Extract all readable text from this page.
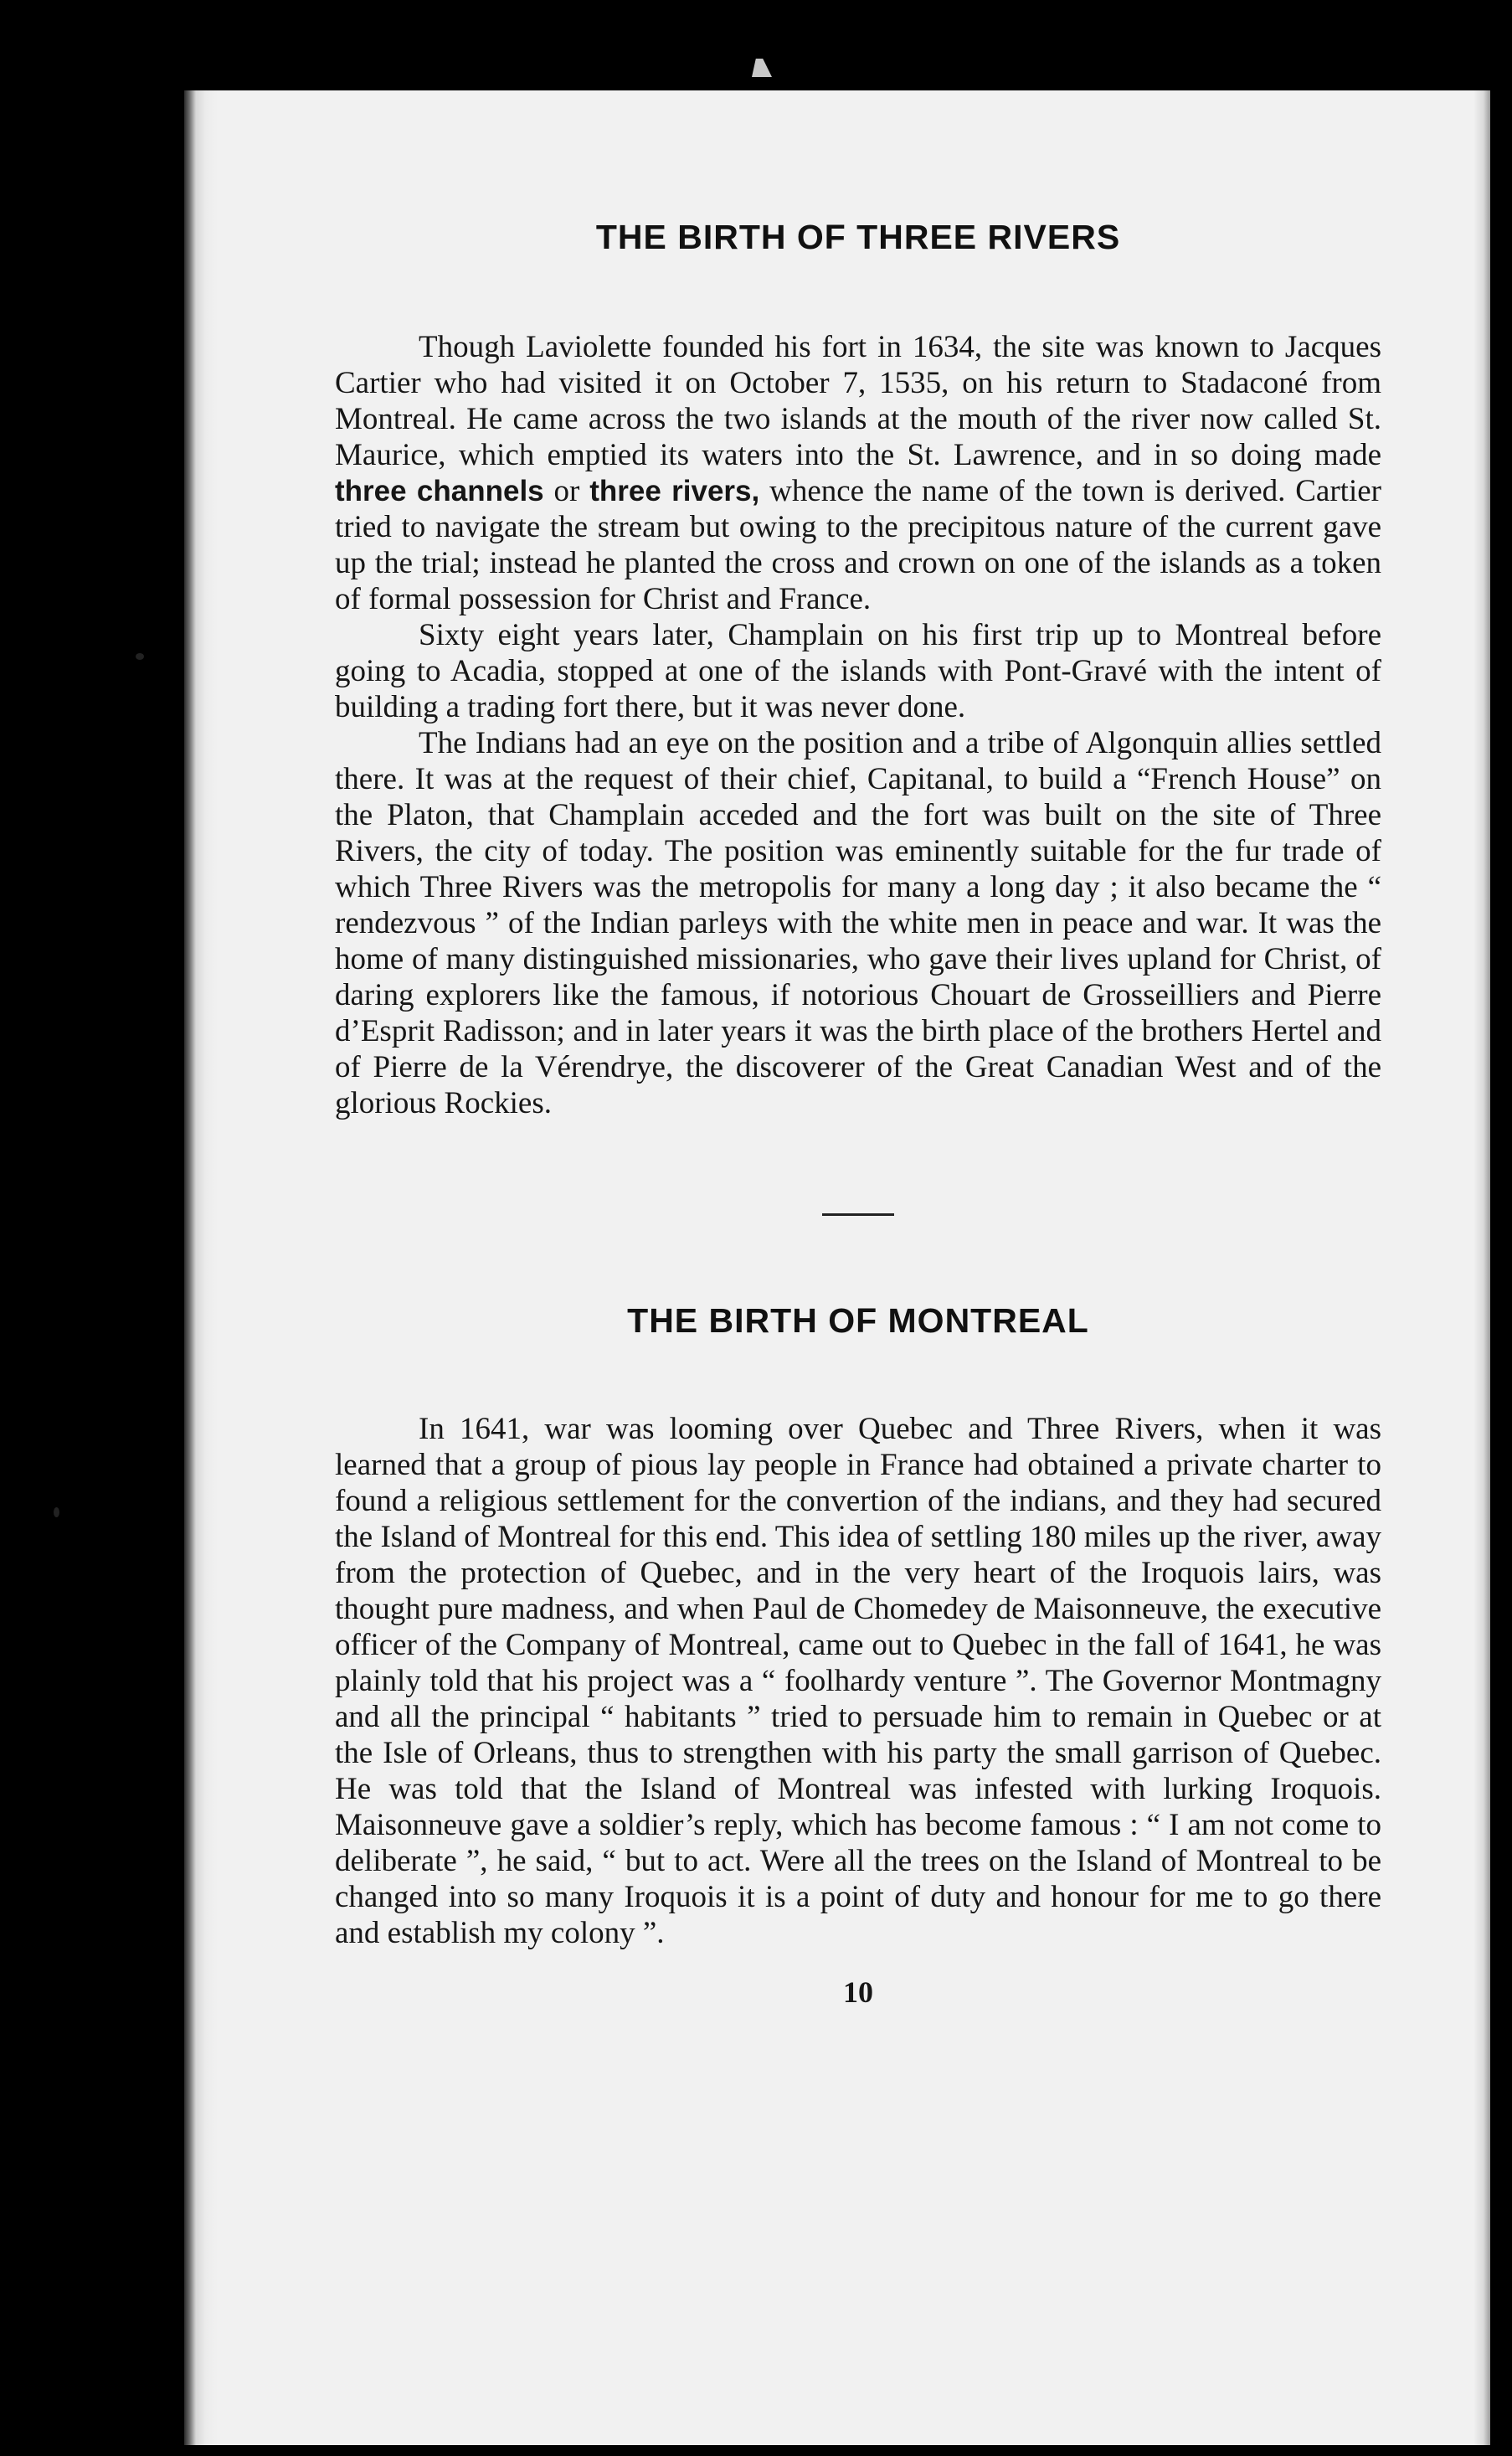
THE BIRTH OF THREE RIVERS

Though Laviolette founded his fort in 1634, the site was known to Jacques Cartier who had visited it on October 7, 1535, on his return to Stadaconé from Montreal. He came across the two islands at the mouth of the river now called St. Maurice, which emptied its waters into the St. Lawrence, and in so doing made three channels or three rivers, whence the name of the town is derived. Cartier tried to navigate the stream but owing to the precipitous nature of the current gave up the trial; instead he planted the cross and crown on one of the islands as a token of formal possession for Christ and France.

Sixty eight years later, Champlain on his first trip up to Montreal before going to Acadia, stopped at one of the islands with Pont-Gravé with the intent of building a trading fort there, but it was never done.

The Indians had an eye on the position and a tribe of Algonquin allies settled there. It was at the request of their chief, Capitanal, to build a “French House” on the Platon, that Champlain acceded and the fort was built on the site of Three Rivers, the city of today. The position was eminently suitable for the fur trade of which Three Rivers was the metropolis for many a long day ; it also became the “ rendezvous ” of the Indian parleys with the white men in peace and war. It was the home of many distinguished missionaries, who gave their lives upland for Christ, of daring explorers like the famous, if notorious Chouart de Grosseilliers and Pierre d’Esprit Radisson; and in later years it was the birth place of the brothers Hertel and of Pierre de la Vérendrye, the discoverer of the Great Canadian West and of the glorious Rockies.

THE BIRTH OF MONTREAL

In 1641, war was looming over Quebec and Three Rivers, when it was learned that a group of pious lay people in France had obtained a private charter to found a religious settlement for the convertion of the indians, and they had secured the Island of Montreal for this end. This idea of settling 180 miles up the river, away from the protection of Quebec, and in the very heart of the Iroquois lairs, was thought pure madness, and when Paul de Chomedey de Maisonneuve, the executive officer of the Company of Montreal, came out to Quebec in the fall of 1641, he was plainly told that his project was a “ foolhardy venture ”. The Governor Montmagny and all the principal “ habitants ” tried to persuade him to remain in Quebec or at the Isle of Orleans, thus to strengthen with his party the small garrison of Quebec. He was told that the Island of Montreal was infested with lurking Iroquois. Maisonneuve gave a soldier’s reply, which has become famous : “ I am not come to deliberate ”, he said, “ but to act. Were all the trees on the Island of Montreal to be changed into so many Iroquois it is a point of duty and honour for me to go there and establish my colony ”.

10
